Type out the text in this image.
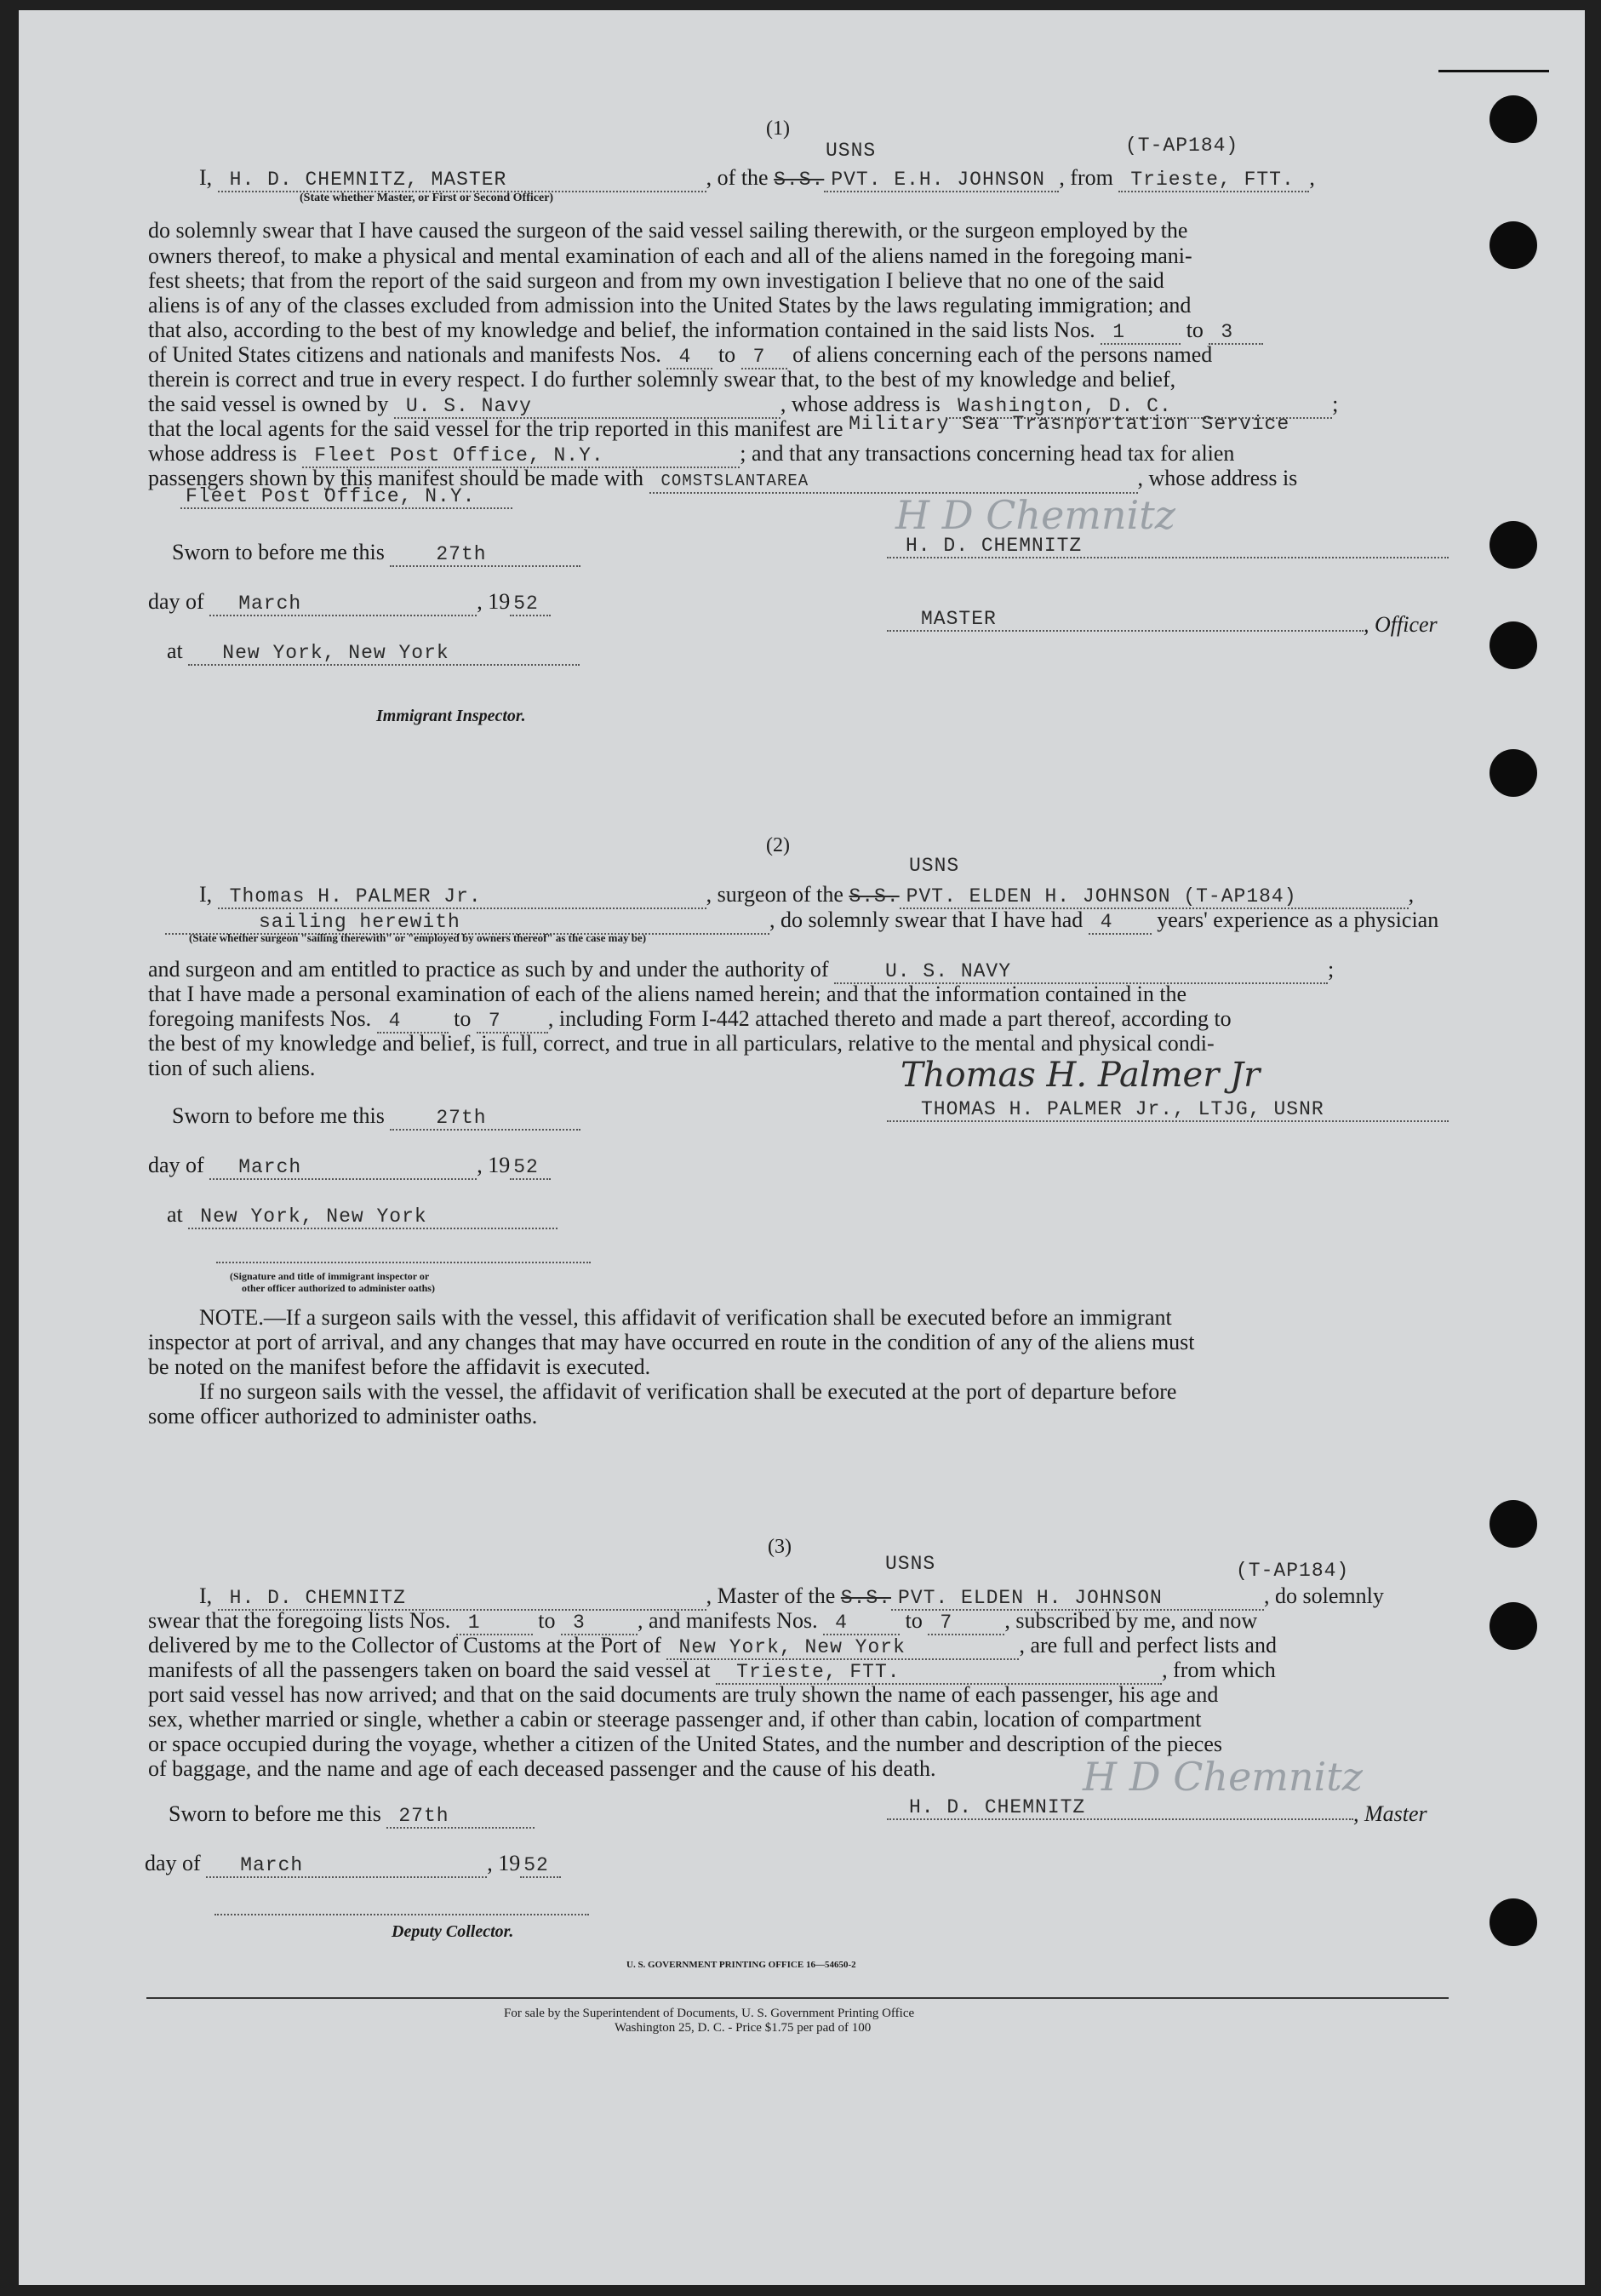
(1)
USNS	(T-AP184)
I, H. D. CHEMNITZ, MASTER	, of the S.S. PVT. E.H. JOHNSON , from Trieste, FTT. ,
(State whether Master, or First or Second Officer)
do solemnly swear that I have caused the surgeon of the said vessel sailing therewith, or the surgeon employed by the
owners thereof, to make a physical and mental examination of each and all of the aliens named in the foregoing mani-
fest sheets; that from the report of the said surgeon and from my own investigation I believe that no one of the said
aliens is of any of the classes excluded from admission into the United States by the laws regulating immigration; and
that also, according to the best of my knowledge and belief, the information contained in the said lists Nos. 1	to 3
of United States citizens and nationals and manifests Nos. 4 to 7 of aliens concerning each of the persons named
therein is correct and true in every respect. I do further solemnly swear that, to the best of my knowledge and belief,
the said vessel is owned by U. S. Navy	, whose address is Washington, D. C.	;
that the local agents for the said vessel for the trip reported in this manifest are Military Sea Trasnportation Service
whose address is Fleet Post Office, N.Y.	; and that any transactions concerning head tax for alien
passengers shown by this manifest should be made with COMSTSLANTAREA	, whose address is
Fleet Post Office, N.Y.	H D Chemnitz
Sworn to before me this	27th	H. D. CHEMNITZ
day of March	, 19 52
MASTER	, Officer
at New York, New York
Immigrant Inspector.
(2)
USNS
I, Thomas H. PALMER Jr.	, surgeon of the S.S. PVT. ELDEN H. JOHNSON (T-AP184)	,
sailing herewith	, do solemnly swear that I have had 4 years' experience as a physician
(State whether surgeon "sailing therewith" or "employed by owners thereof" as the case may be)
and surgeon and am entitled to practice as such by and under the authority of	U. S. NAVY	;
that I have made a personal examination of each of the aliens named herein; and that the information contained in the
foregoing manifests Nos. 4 to 7 , including Form I-442 attached thereto and made a part thereof, according to
the best of my knowledge and belief, is full, correct, and true in all particulars, relative to the mental and physical condi-
tion of such aliens.	Thomas H. Palmer Jr
Sworn to before me this	27th	THOMAS H. PALMER Jr., LTJG, USNR
day of March	, 19 52
at New York, New York
(Signature and title of immigrant inspector or
other officer authorized to administer oaths)
NOTE.—If a surgeon sails with the vessel, this affidavit of verification shall be executed before an immigrant
inspector at port of arrival, and any changes that may have occurred en route in the condition of any of the aliens must
be noted on the manifest before the affidavit is executed.
If no surgeon sails with the vessel, the affidavit of verification shall be executed at the port of departure before
some officer authorized to administer oaths.
(3)
USNS	(T-AP184)
I, H. D. CHEMNITZ	, Master of the S.S. PVT. ELDEN H. JOHNSON	, do solemnly
swear that the foregoing lists Nos. 1	to 3 , and manifests Nos. 4	to 7 , subscribed by me, and now
delivered by me to the Collector of Customs at the Port of New York, New York	, are full and perfect lists and
manifests of all the passengers taken on board the said vessel at Trieste, FTT.	, from which
port said vessel has now arrived; and that on the said documents are truly shown the name of each passenger, his age and
sex, whether married or single, whether a cabin or steerage passenger and, if other than cabin, location of compartment
or space occupied during the voyage, whether a citizen of the United States, and the number and description of the pieces
of baggage, and the name and age of each deceased passenger and the cause of his death.	H D Chemnitz
Sworn to before me this 27th	H. D. CHEMNITZ	, Master
day of March	, 19 52
Deputy Collector.
U. S. GOVERNMENT PRINTING OFFICE 16—54650-2
For sale by the Superintendent of Documents, U. S. Government Printing Office
Washington 25, D. C. - Price $1.75 per pad of 100
